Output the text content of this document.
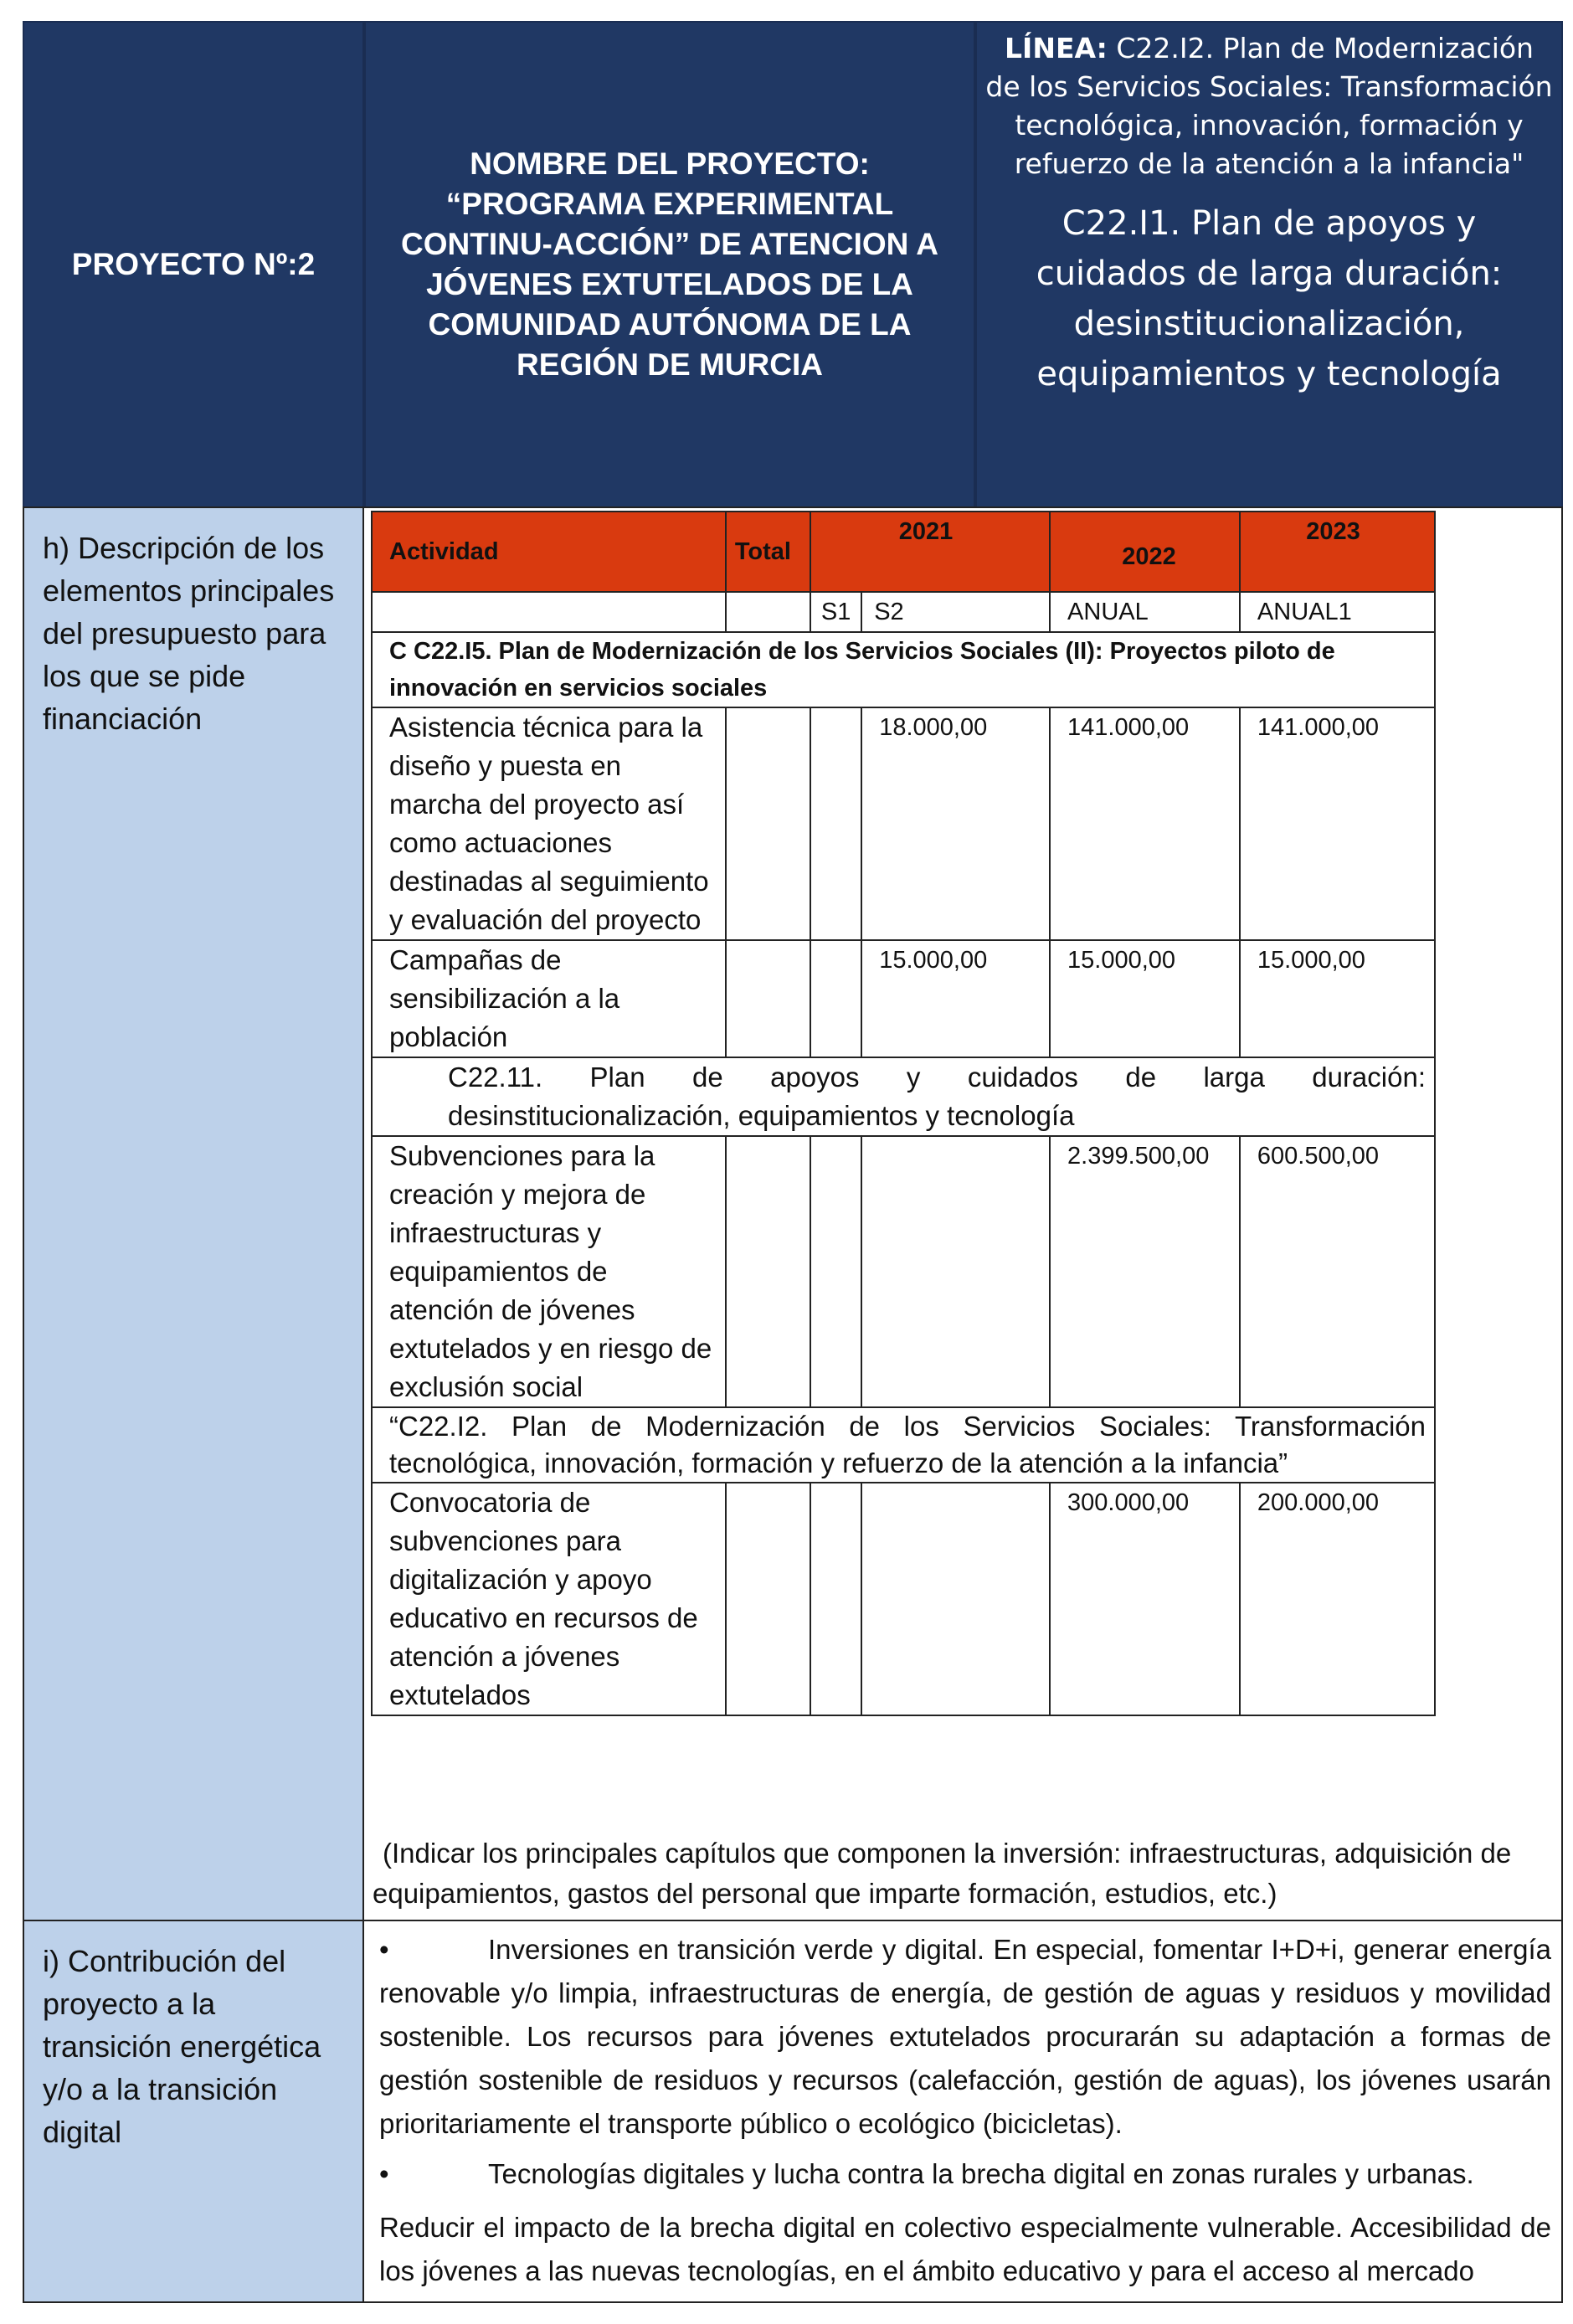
PROYECTO Nº:2
NOMBRE DEL PROYECTO:
“PROGRAMA EXPERIMENTAL CONTINU-ACCIÓN” DE ATENCION A JÓVENES EXTUTELADOS DE LA COMUNIDAD AUTÓNOMA DE LA REGIÓN DE MURCIA
LÍNEA: C22.I2. Plan de Modernización de los Servicios Sociales: Transformación tecnológica, innovación, formación y refuerzo de la atención a la infancia"
C22.I1. Plan de apoyos y cuidados de larga duración: desinstitucionalización, equipamientos y tecnología
h) Descripción de los elementos principales del presupuesto para los que se pide financiación
Actividad	Total	2021		2022	2023
		S1	S2	ANUAL	ANUAL1
C C22.I5. Plan de Modernización de los Servicios Sociales (II): Proyectos piloto de innovación en servicios sociales					
Asistencia técnica para la diseño y puesta en marcha del proyecto así como actuaciones destinadas al seguimiento y evaluación del proyecto			18.000,00	141.000,00	141.000,00
Campañas de sensibilización a la población			15.000,00	15.000,00	15.000,00

C22.11. Plan de apoyos y cuidados de larga duración:
desinstitucionalización, equipamientos y tecnología					

Subvenciones para la creación y mejora de infraestructuras y equipamientos de atención de jóvenes extutelados y en riesgo de exclusión social				2.399.500,00	600.500,00
“C22.I2. Plan de Modernización de los Servicios Sociales: Transformación tecnológica, innovación, formación y refuerzo de la atención a la infancia”					
Convocatoria de subvenciones para digitalización y apoyo educativo en recursos de atención a jóvenes extutelados				300.000,00	200.000,00
(Indicar los principales capítulos que componen la inversión: infraestructuras, adquisición de equipamientos, gastos del personal que imparte formación, estudios, etc.)
i) Contribución del proyecto a la transición energética y/o a la transición digital
•	Inversiones en transición verde y digital. En especial, fomentar I+D+i, generar energía renovable y/o limpia, infraestructuras de energía, de gestión de aguas y residuos y movilidad sostenible. Los recursos para jóvenes extutelados procurarán su adaptación a formas de gestión sostenible de residuos y recursos (calefacción, gestión de aguas), los jóvenes usarán prioritariamente el transporte público o ecológico (bicicletas).
•	Tecnologías digitales y lucha contra la brecha digital en zonas rurales y urbanas.
Reducir el impacto de la brecha digital en colectivo especialmente vulnerable. Accesibilidad de los jóvenes a las nuevas tecnologías, en el ámbito educativo y para el acceso al mercado
